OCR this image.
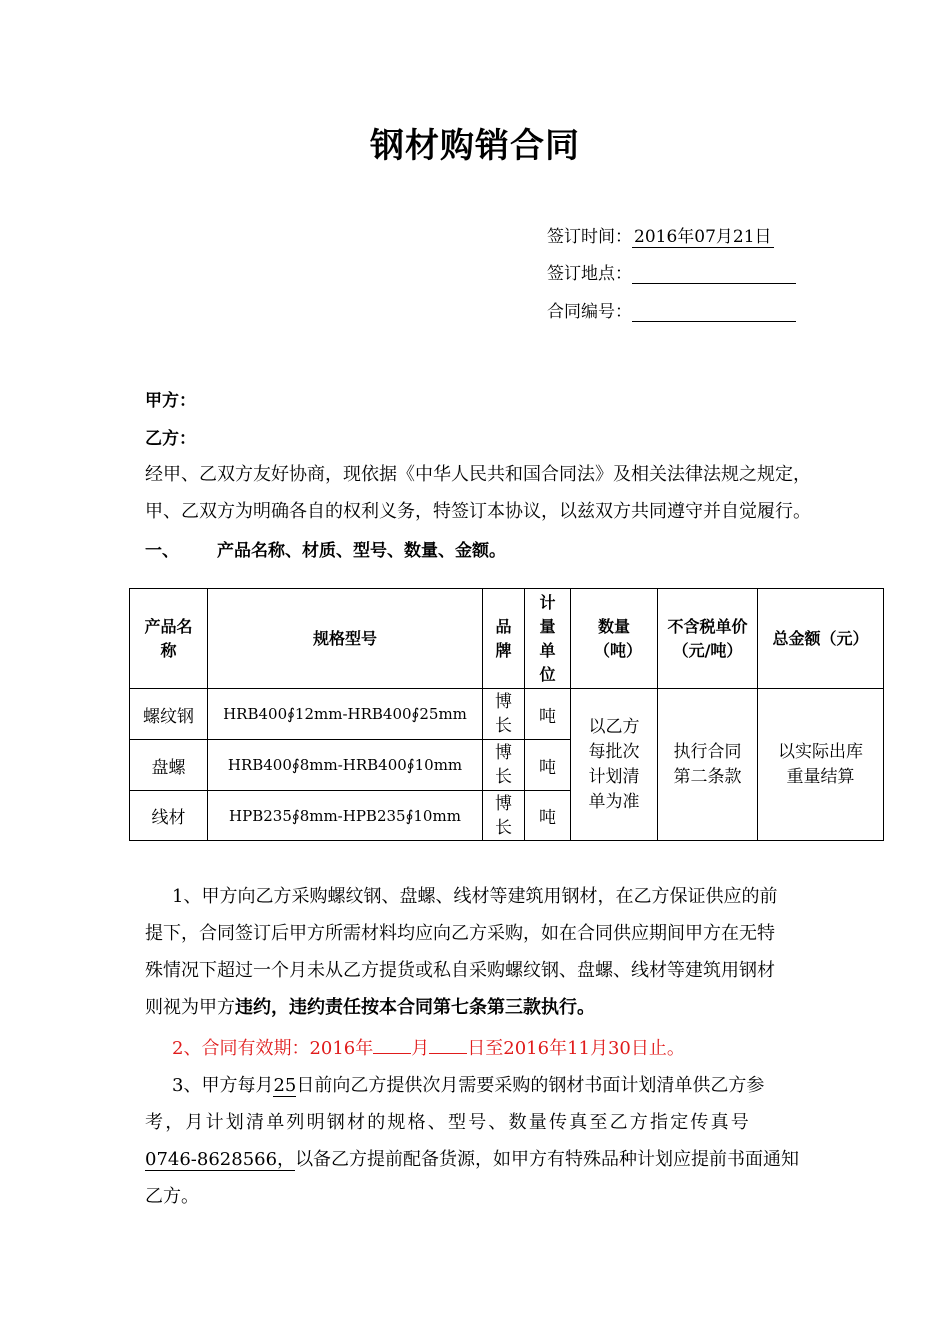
钢材购销合同
签订时间： 2016年07月21日
签订地点：
合同编号：
甲方：
乙方：
经甲、乙双方友好协商，现依据《中华人民共和国合同法》及相关法律法规之规定，
甲、乙双方为明确各自的权利义务，特签订本协议，以兹双方共同遵守并自觉履行。
一、 产品名称、材质、型号、数量、金额。
产品名称	规格型号	品牌	计量单位	数量（吨）	不含税单价（元/吨）	总金额（元）
螺纹钢	HRB400∮12mm-HRB400∮25mm	博长	吨	以乙方每批次计划清单为准	执行合同第二条款	以实际出库重量结算

盘螺	HRB400∮8mm-HRB400∮10mm	博长	吨			
线材	HPB235∮8mm-HPB235∮10mm	博长	吨			

1、甲方向乙方采购螺纹钢、盘螺、线材等建筑用钢材，在乙方保证供应的前

提下，合同签订后甲方所需材料均应向乙方采购，如在合同供应期间甲方在无特

殊情况下超过一个月未从乙方提货或私自采购螺纹钢、盘螺、线材等建筑用钢材

则视为甲方违约，违约责任按本合同第七条第三款执行。

2、合同有效期：2016年 月 日至2016年11月30日止。

3、甲方每月25日前向乙方提供次月需要采购的钢材书面计划清单供乙方参

考，月计划清单列明钢材的规格、型号、数量传真至乙方指定传真号

0746-8628566，以备乙方提前配备货源，如甲方有特殊品种计划应提前书面通知

乙方。
